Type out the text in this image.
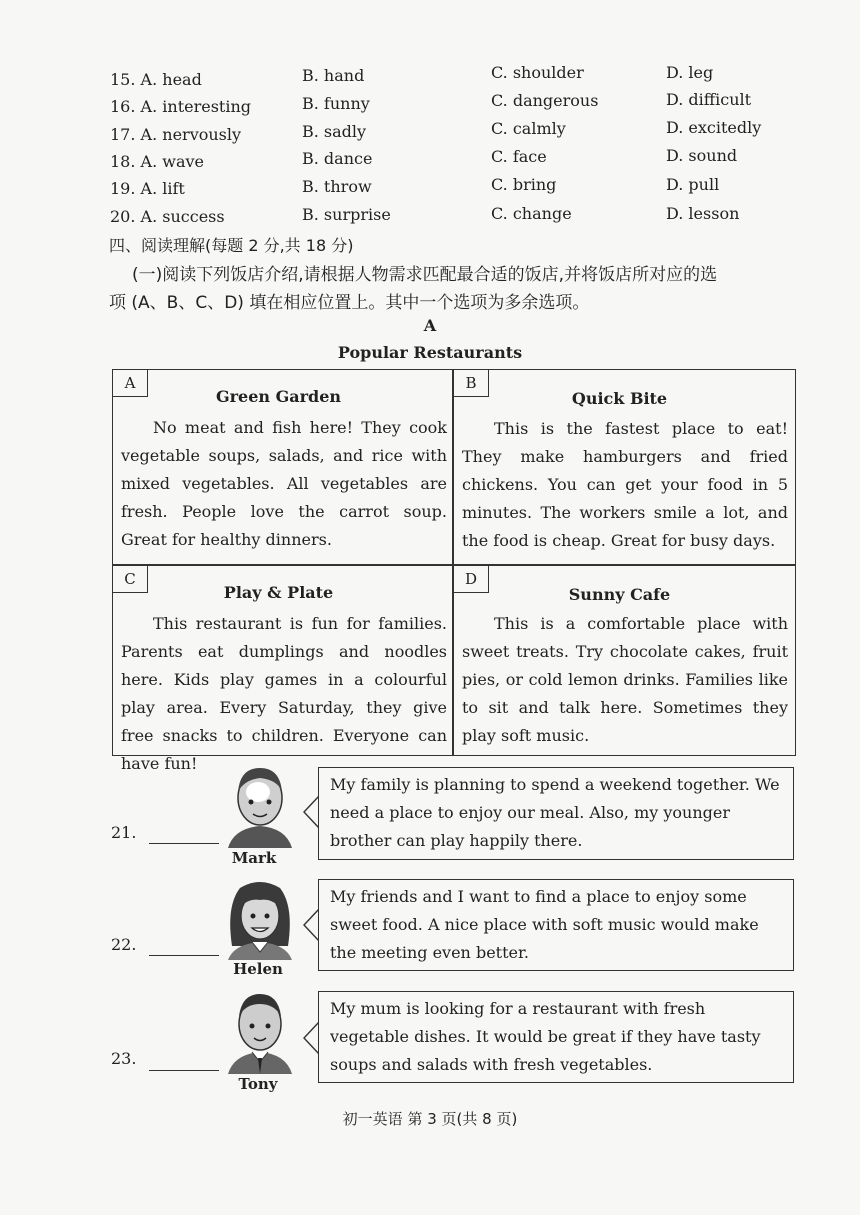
15. A. head	B. hand	C. shoulder	D. leg
16. A. interesting	B. funny	C. dangerous	D. difficult
17. A. nervously	B. sadly	C. calmly	D. excitedly
18. A. wave	B. dance	C. face	D. sound
19. A. lift	B. throw	C. bring	D. pull
20. A. success	B. surprise	C. change	D. lesson
四、阅读理解(每题 2 分,共 18 分)
(一)阅读下列饭店介绍,请根据人物需求匹配最合适的饭店,并将饭店所对应的选
项 (A、B、C、D) 填在相应位置上。其中一个选项为多余选项。
A
Popular Restaurants
A
Green Garden
No meat and fish here! They cook vegetable soups, salads, and rice with mixed vegetables. All vegetables are fresh. People love the carrot soup. Great for healthy dinners.
B
Quick Bite
This is the fastest place to eat! They make hamburgers and fried chickens. You can get your food in 5 minutes. The workers smile a lot, and the food is cheap. Great for busy days.
C
Play & Plate
This restaurant is fun for families. Parents eat dumplings and noodles here. Kids play games in a colourful play area. Every Saturday, they give free snacks to children. Everyone can have fun!
D
Sunny Cafe
This is a comfortable place with sweet treats. Try chocolate cakes, fruit pies, or cold lemon drinks. Families like to sit and talk here. Sometimes they play soft music.
21.
Mark
My family is planning to spend a weekend together. We need a place to enjoy our meal. Also, my younger brother can play happily there.
22.
Helen
My friends and I want to find a place to enjoy some sweet food. A nice place with soft music would make the meeting even better.
23.
Tony
My mum is looking for a restaurant with fresh vegetable dishes. It would be great if they have tasty soups and salads with fresh vegetables.
初一英语 第 3 页(共 8 页)
